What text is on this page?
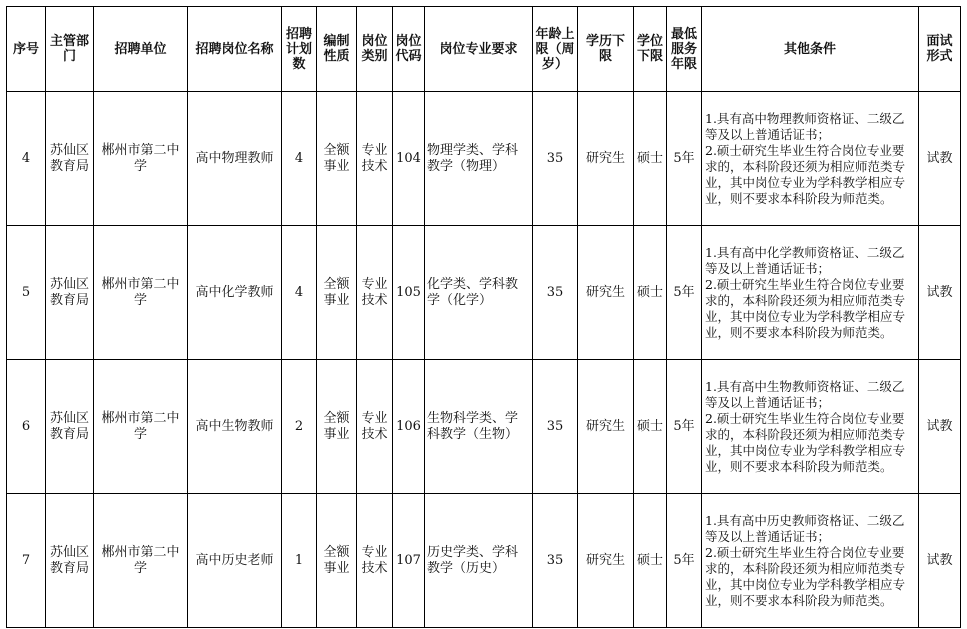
序号	主管部门	招聘单位	招聘岗位名称	招聘计划数	编制性质	岗位类别	岗位代码	岗位专业要求	年龄上限（周岁）	学历下限	学位下限	最低服务年限	其他条件	面试形式
4	苏仙区教育局	郴州市第二中学	高中物理教师	4	全额事业	专业技术	104	物理学类、学科教学（物理）	35	研究生	硕士	5年	1.具有高中物理教师资格证、二级乙等及以上普通话证书；
2.硕士研究生毕业生符合岗位专业要求的，本科阶段还须为相应师范类专业，其中岗位专业为学科教学相应专业，则不要求本科阶段为师范类。	试教
5	苏仙区教育局	郴州市第二中学	高中化学教师	4	全额事业	专业技术	105	化学类、学科教学（化学）	35	研究生	硕士	5年	1.具有高中化学教师资格证、二级乙等及以上普通话证书；
2.硕士研究生毕业生符合岗位专业要求的，本科阶段还须为相应师范类专业，其中岗位专业为学科教学相应专业，则不要求本科阶段为师范类。	试教
6	苏仙区教育局	郴州市第二中学	高中生物教师	2	全额事业	专业技术	106	生物科学类、学科教学（生物）	35	研究生	硕士	5年	1.具有高中生物教师资格证、二级乙等及以上普通话证书；
2.硕士研究生毕业生符合岗位专业要求的，本科阶段还须为相应师范类专业，其中岗位专业为学科教学相应专业，则不要求本科阶段为师范类。	试教
7	苏仙区教育局	郴州市第二中学	高中历史老师	1	全额事业	专业技术	107	历史学类、学科教学（历史）	35	研究生	硕士	5年	1.具有高中历史教师资格证、二级乙等及以上普通话证书；
2.硕士研究生毕业生符合岗位专业要求的，本科阶段还须为相应师范类专业，其中岗位专业为学科教学相应专业，则不要求本科阶段为师范类。	试教
